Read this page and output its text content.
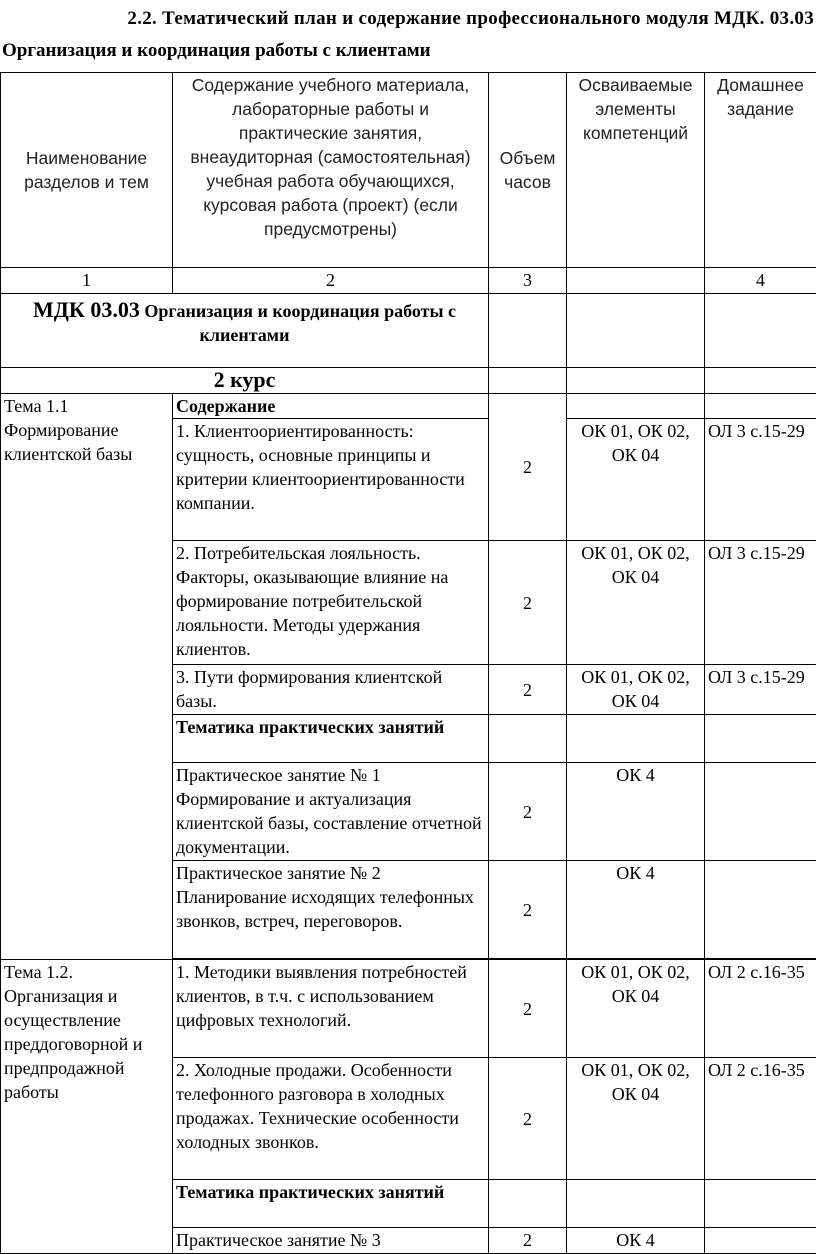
2.2. Тематический план и содержание профессионального модуля МДК. 03.03
Организация и координация работы с клиентами
Наименование разделов и тем	Содержание учебного материала, лабораторные работы и практические занятия, внеаудиторная (самостоятельная) учебная работа обучающихся, курсовая работа (проект) (если предусмотрены)	Объем часов	Осваиваемые элементы компетенций	Домашнее задание
1	2	3		4
МДК 03.03 Организация и координация работы с клиентами				
2 курс				
Тема 1.1 Формирование клиентской базы	Содержание	2		
	1. Клиентоориентированность: сущность, основные принципы и критерии клиентоориентированности компании.		ОК 01, ОК 02, ОК 04	ОЛ 3 с.15-29
	2. Потребительская лояльность. Факторы, оказывающие влияние на формирование потребительской лояльности. Методы удержания клиентов.	2	ОК 01, ОК 02, ОК 04	ОЛ 3 с.15-29
	3. Пути формирования клиентской базы.	2	ОК 01, ОК 02, ОК 04	ОЛ 3 с.15-29
	Тематика практических занятий			
	Практическое занятие № 1 Формирование и актуализация клиентской базы, составление отчетной документации.	2	ОК 4	
	Практическое занятие № 2 Планирование исходящих телефонных звонков, встреч, переговоров.	2	ОК 4	

Тема 1.2. Организация и осуществление преддоговорной и предпродажной работы	1. Методики выявления потребностей клиентов, в т.ч. с использованием цифровых технологий.	2	ОК 01, ОК 02, ОК 04	ОЛ 2 с.16-35
	2. Холодные продажи. Особенности телефонного разговора в холодных продажах. Технические особенности холодных звонков.	2	ОК 01, ОК 02, ОК 04	ОЛ 2 с.16-35
	Тематика практических занятий			
	Практическое занятие № 3	2	ОК 4	
